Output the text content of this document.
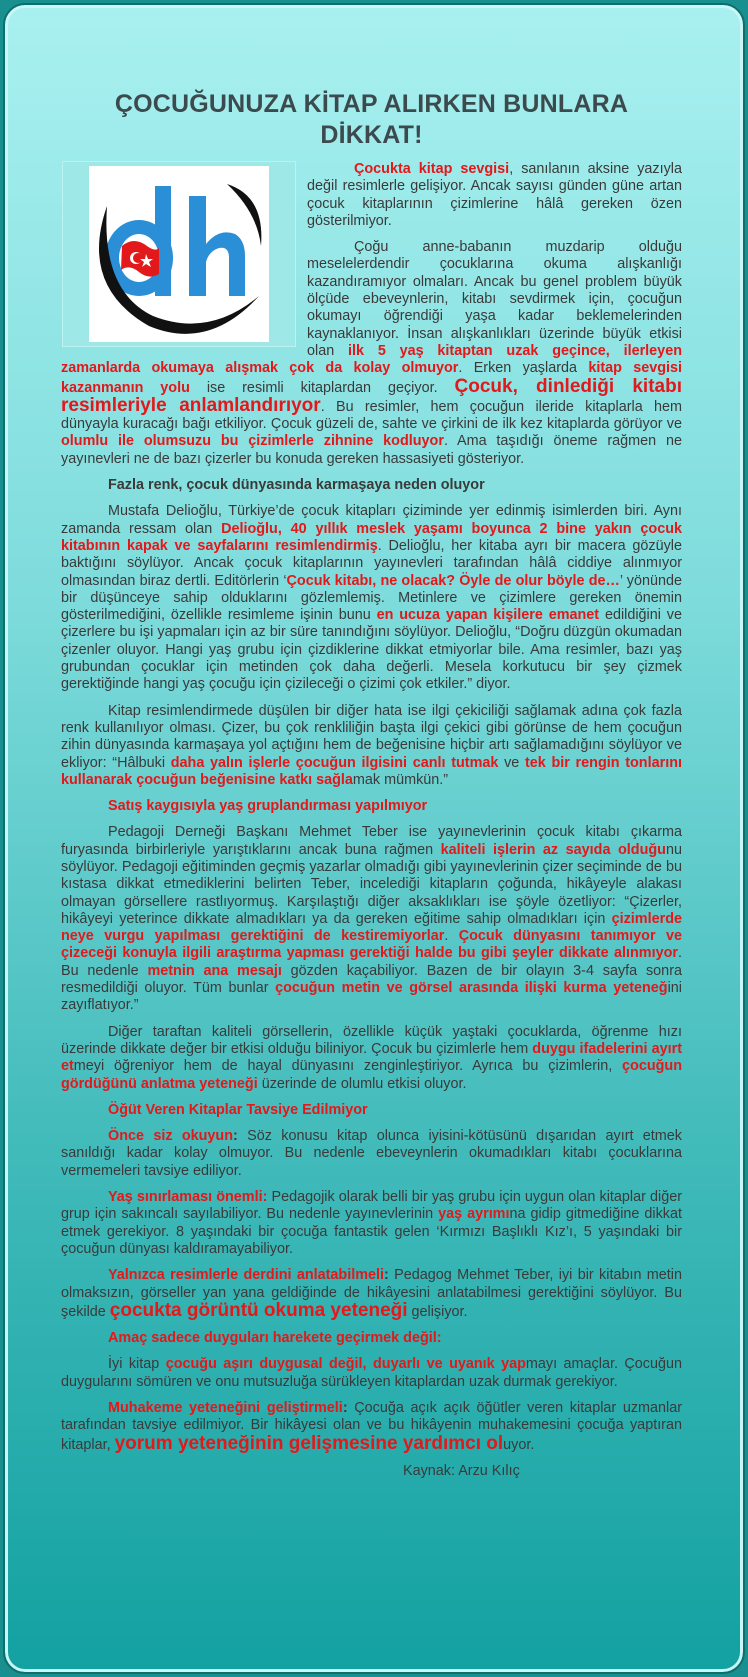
ÇOCUĞUNUZA KİTAP ALIRKEN BUNLARA DİKKAT!

Çocukta kitap sevgisi, sanılanın aksine yazıyla değil resimlerle gelişiyor. Ancak sayısı günden güne artan çocuk kitaplarının çizimlerine hâlâ gereken özen gösterilmiyor.

Çoğu anne-babanın muzdarip olduğu meselelerdendir çocuklarına okuma alışkanlığı kazandıramıyor olmaları. Ancak bu genel problem büyük ölçüde ebeveynlerin, kitabı sevdirmek için, çocuğun okumayı öğrendiği yaşa kadar beklemelerinden kaynaklanıyor. İnsan alışkanlıkları üzerinde büyük etkisi olan ilk 5 yaş kitaptan uzak geçince, ilerleyen zamanlarda okumaya alışmak çok da kolay olmuyor. Erken yaşlarda kitap sevgisi kazanmanın yolu ise resimli kitaplardan geçiyor. Çocuk, dinlediği kitabı resimleriyle anlamlandırıyor. Bu resimler, hem çocuğun ileride kitaplarla hem dünyayla kuracağı bağı etkiliyor. Çocuk güzeli de, sahte ve çirkini de ilk kez kitaplarda görüyor ve olumlu ile olumsuzu bu çizimlerle zihnine kodluyor. Ama taşıdığı öneme rağmen ne yayınevleri ne de bazı çizerler bu konuda gereken hassasiyeti gösteriyor.

Fazla renk, çocuk dünyasında karmaşaya neden oluyor

Mustafa Delioğlu, Türkiye’de çocuk kitapları çiziminde yer edinmiş isimlerden biri. Aynı zamanda ressam olan Delioğlu, 40 yıllık meslek yaşamı boyunca 2 bine yakın çocuk kitabının kapak ve sayfalarını resimlendirmiş. Delioğlu, her kitaba ayrı bir macera gözüyle baktığını söylüyor. Ancak çocuk kitaplarının yayınevleri tarafından hâlâ ciddiye alınmıyor olmasından biraz dertli. Editörlerin ‘Çocuk kitabı, ne olacak? Öyle de olur böyle de…’ yönünde bir düşünceye sahip olduklarını gözlemlemiş. Metinlere ve çizimlere gereken önemin gösterilmediğini, özellikle resimleme işinin bunu en ucuza yapan kişilere emanet edildiğini ve çizerlere bu işi yapmaları için az bir süre tanındığını söylüyor. Delioğlu, “Doğru düzgün okumadan çizenler oluyor. Hangi yaş grubu için çizdiklerine dikkat etmiyorlar bile. Ama resimler, bazı yaş grubundan çocuklar için metinden çok daha değerli. Mesela korkutucu bir şey çizmek gerektiğinde hangi yaş çocuğu için çizileceği o çizimi çok etkiler.” diyor.

Kitap resimlendirmede düşülen bir diğer hata ise ilgi çekiciliği sağlamak adına çok fazla renk kullanılıyor olması. Çizer, bu çok renkliliğin başta ilgi çekici gibi görünse de hem çocuğun zihin dünyasında karmaşaya yol açtığını hem de beğenisine hiçbir artı sağlamadığını söylüyor ve ekliyor: “Hâlbuki daha yalın işlerle çocuğun ilgisini canlı tutmak ve tek bir rengin tonlarını kullanarak çocuğun beğenisine katkı sağlamak mümkün.”

Satış kaygısıyla yaş gruplandırması yapılmıyor

Pedagoji Derneği Başkanı Mehmet Teber ise yayınevlerinin çocuk kitabı çıkarma furyasında birbirleriyle yarıştıklarını ancak buna rağmen kaliteli işlerin az sayıda olduğunu söylüyor. Pedagoji eğitiminden geçmiş yazarlar olmadığı gibi yayınevlerinin çizer seçiminde de bu kıstasa dikkat etmediklerini belirten Teber, incelediği kitapların çoğunda, hikâyeyle alakası olmayan görsellere rastlıyormuş. Karşılaştığı diğer aksaklıkları ise şöyle özetliyor: “Çizerler, hikâyeyi yeterince dikkate almadıkları ya da gereken eğitime sahip olmadıkları için çizimlerde neye vurgu yapılması gerektiğini de kestiremiyorlar. Çocuk dünyasını tanımıyor ve çizeceği konuyla ilgili araştırma yapması gerektiği halde bu gibi şeyler dikkate alınmıyor. Bu nedenle metnin ana mesajı gözden kaçabiliyor. Bazen de bir olayın 3-4 sayfa sonra resmedildiği oluyor. Tüm bunlar çocuğun metin ve görsel arasında ilişki kurma yeteneğini zayıflatıyor.”

Diğer taraftan kaliteli görsellerin, özellikle küçük yaştaki çocuklarda, öğrenme hızı üzerinde dikkate değer bir etkisi olduğu biliniyor. Çocuk bu çizimlerle hem duygu ifadelerini ayırt etmeyi öğreniyor hem de hayal dünyasını zenginleştiriyor. Ayrıca bu çizimlerin, çocuğun gördüğünü anlatma yeteneği üzerinde de olumlu etkisi oluyor.

Öğüt Veren Kitaplar Tavsiye Edilmiyor

Önce siz okuyun: Söz konusu kitap olunca iyisini-kötüsünü dışarıdan ayırt etmek sanıldığı kadar kolay olmuyor. Bu nedenle ebeveynlerin okumadıkları kitabı çocuklarına vermemeleri tavsiye ediliyor.

Yaş sınırlaması önemli: Pedagojik olarak belli bir yaş grubu için uygun olan kitaplar diğer grup için sakıncalı sayılabiliyor. Bu nedenle yayınevlerinin yaş ayrımına gidip gitmediğine dikkat etmek gerekiyor. 8 yaşındaki bir çocuğa fantastik gelen ‘Kırmızı Başlıklı Kız’ı, 5 yaşındaki bir çocuğun dünyası kaldıramayabiliyor.

Yalnızca resimlerle derdini anlatabilmeli: Pedagog Mehmet Teber, iyi bir kitabın metin olmaksızın, görseller yan yana geldiğinde de hikâyesini anlatabilmesi gerektiğini söylüyor. Bu şekilde çocukta görüntü okuma yeteneği gelişiyor.

Amaç sadece duyguları harekete geçirmek değil:

İyi kitap çocuğu aşırı duygusal değil, duyarlı ve uyanık yapmayı amaçlar. Çocuğun duygularını sömüren ve onu mutsuzluğa sürükleyen kitaplardan uzak durmak gerekiyor.

Muhakeme yeteneğini geliştirmeli: Çocuğa açık açık öğütler veren kitaplar uzmanlar tarafından tavsiye edilmiyor. Bir hikâyesi olan ve bu hikâyenin muhakemesini çocuğa yaptıran kitaplar, yorum yeteneğinin gelişmesine yardımcı oluyor.

Kaynak: Arzu Kılıç
